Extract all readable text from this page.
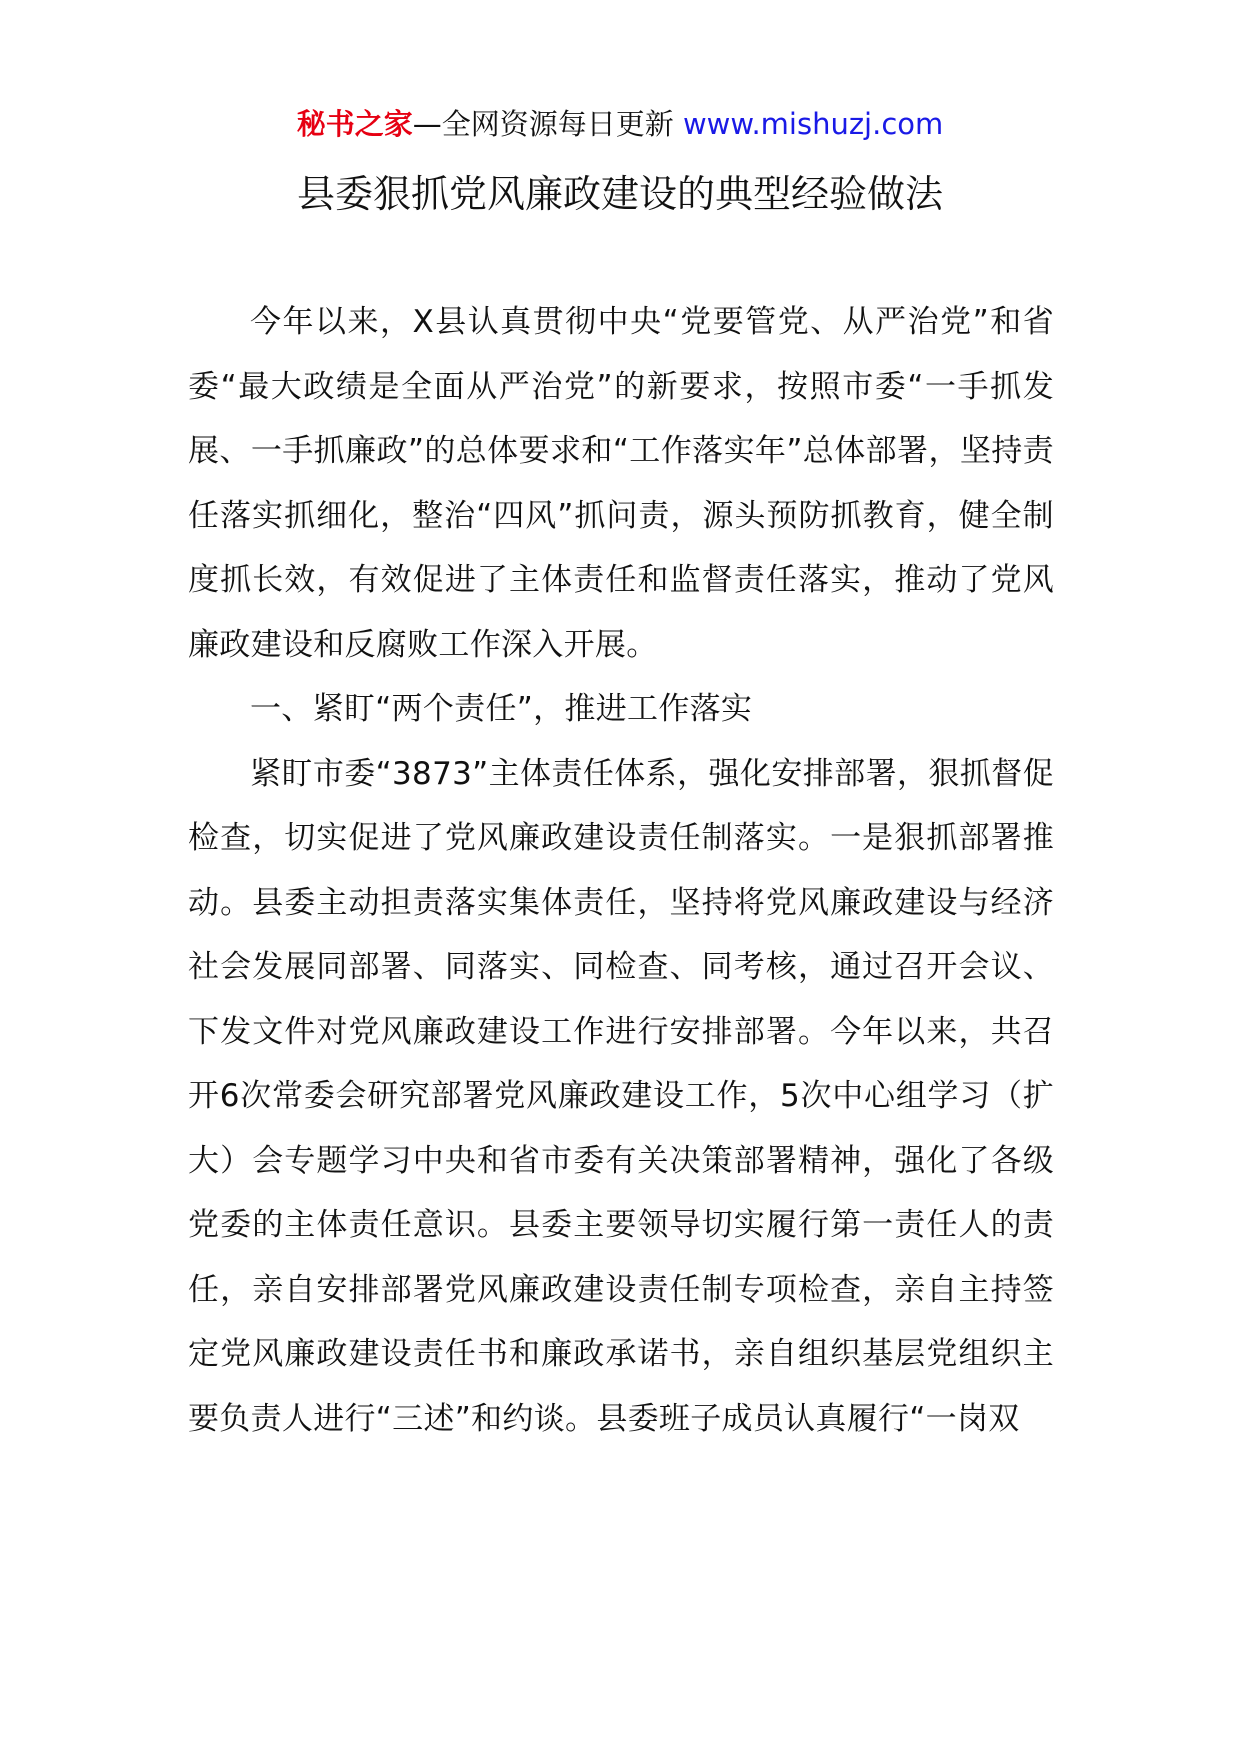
秘书之家—全网资源每日更新 www.mishuzj.com
县委狠抓党风廉政建设的典型经验做法

今年以来，X县认真贯彻中央“党要管党、从严治党”和省委“最大政绩是全面从严治党”的新要求，按照市委“一手抓发展、一手抓廉政”的总体要求和“工作落实年”总体部署，坚持责任落实抓细化，整治“四风”抓问责，源头预防抓教育，健全制度抓长效，有效促进了主体责任和监督责任落实，推动了党风廉政建设和反腐败工作深入开展。

一、紧盯“两个责任”，推进工作落实

紧盯市委“3873”主体责任体系，强化安排部署，狠抓督促检查，切实促进了党风廉政建设责任制落实。一是狠抓部署推动。县委主动担责落实集体责任，坚持将党风廉政建设与经济社会发展同部署、同落实、同检查、同考核，通过召开会议、下发文件对党风廉政建设工作进行安排部署。今年以来，共召开6次常委会研究部署党风廉政建设工作，5次中心组学习（扩大）会专题学习中央和省市委有关决策部署精神，强化了各级党委的主体责任意识。县委主要领导切实履行第一责任人的责任，亲自安排部署党风廉政建设责任制专项检查，亲自主持签定党风廉政建设责任书和廉政承诺书，亲自组织基层党组织主要负责人进行“三述”和约谈。县委班子成员认真履行“一岗双
